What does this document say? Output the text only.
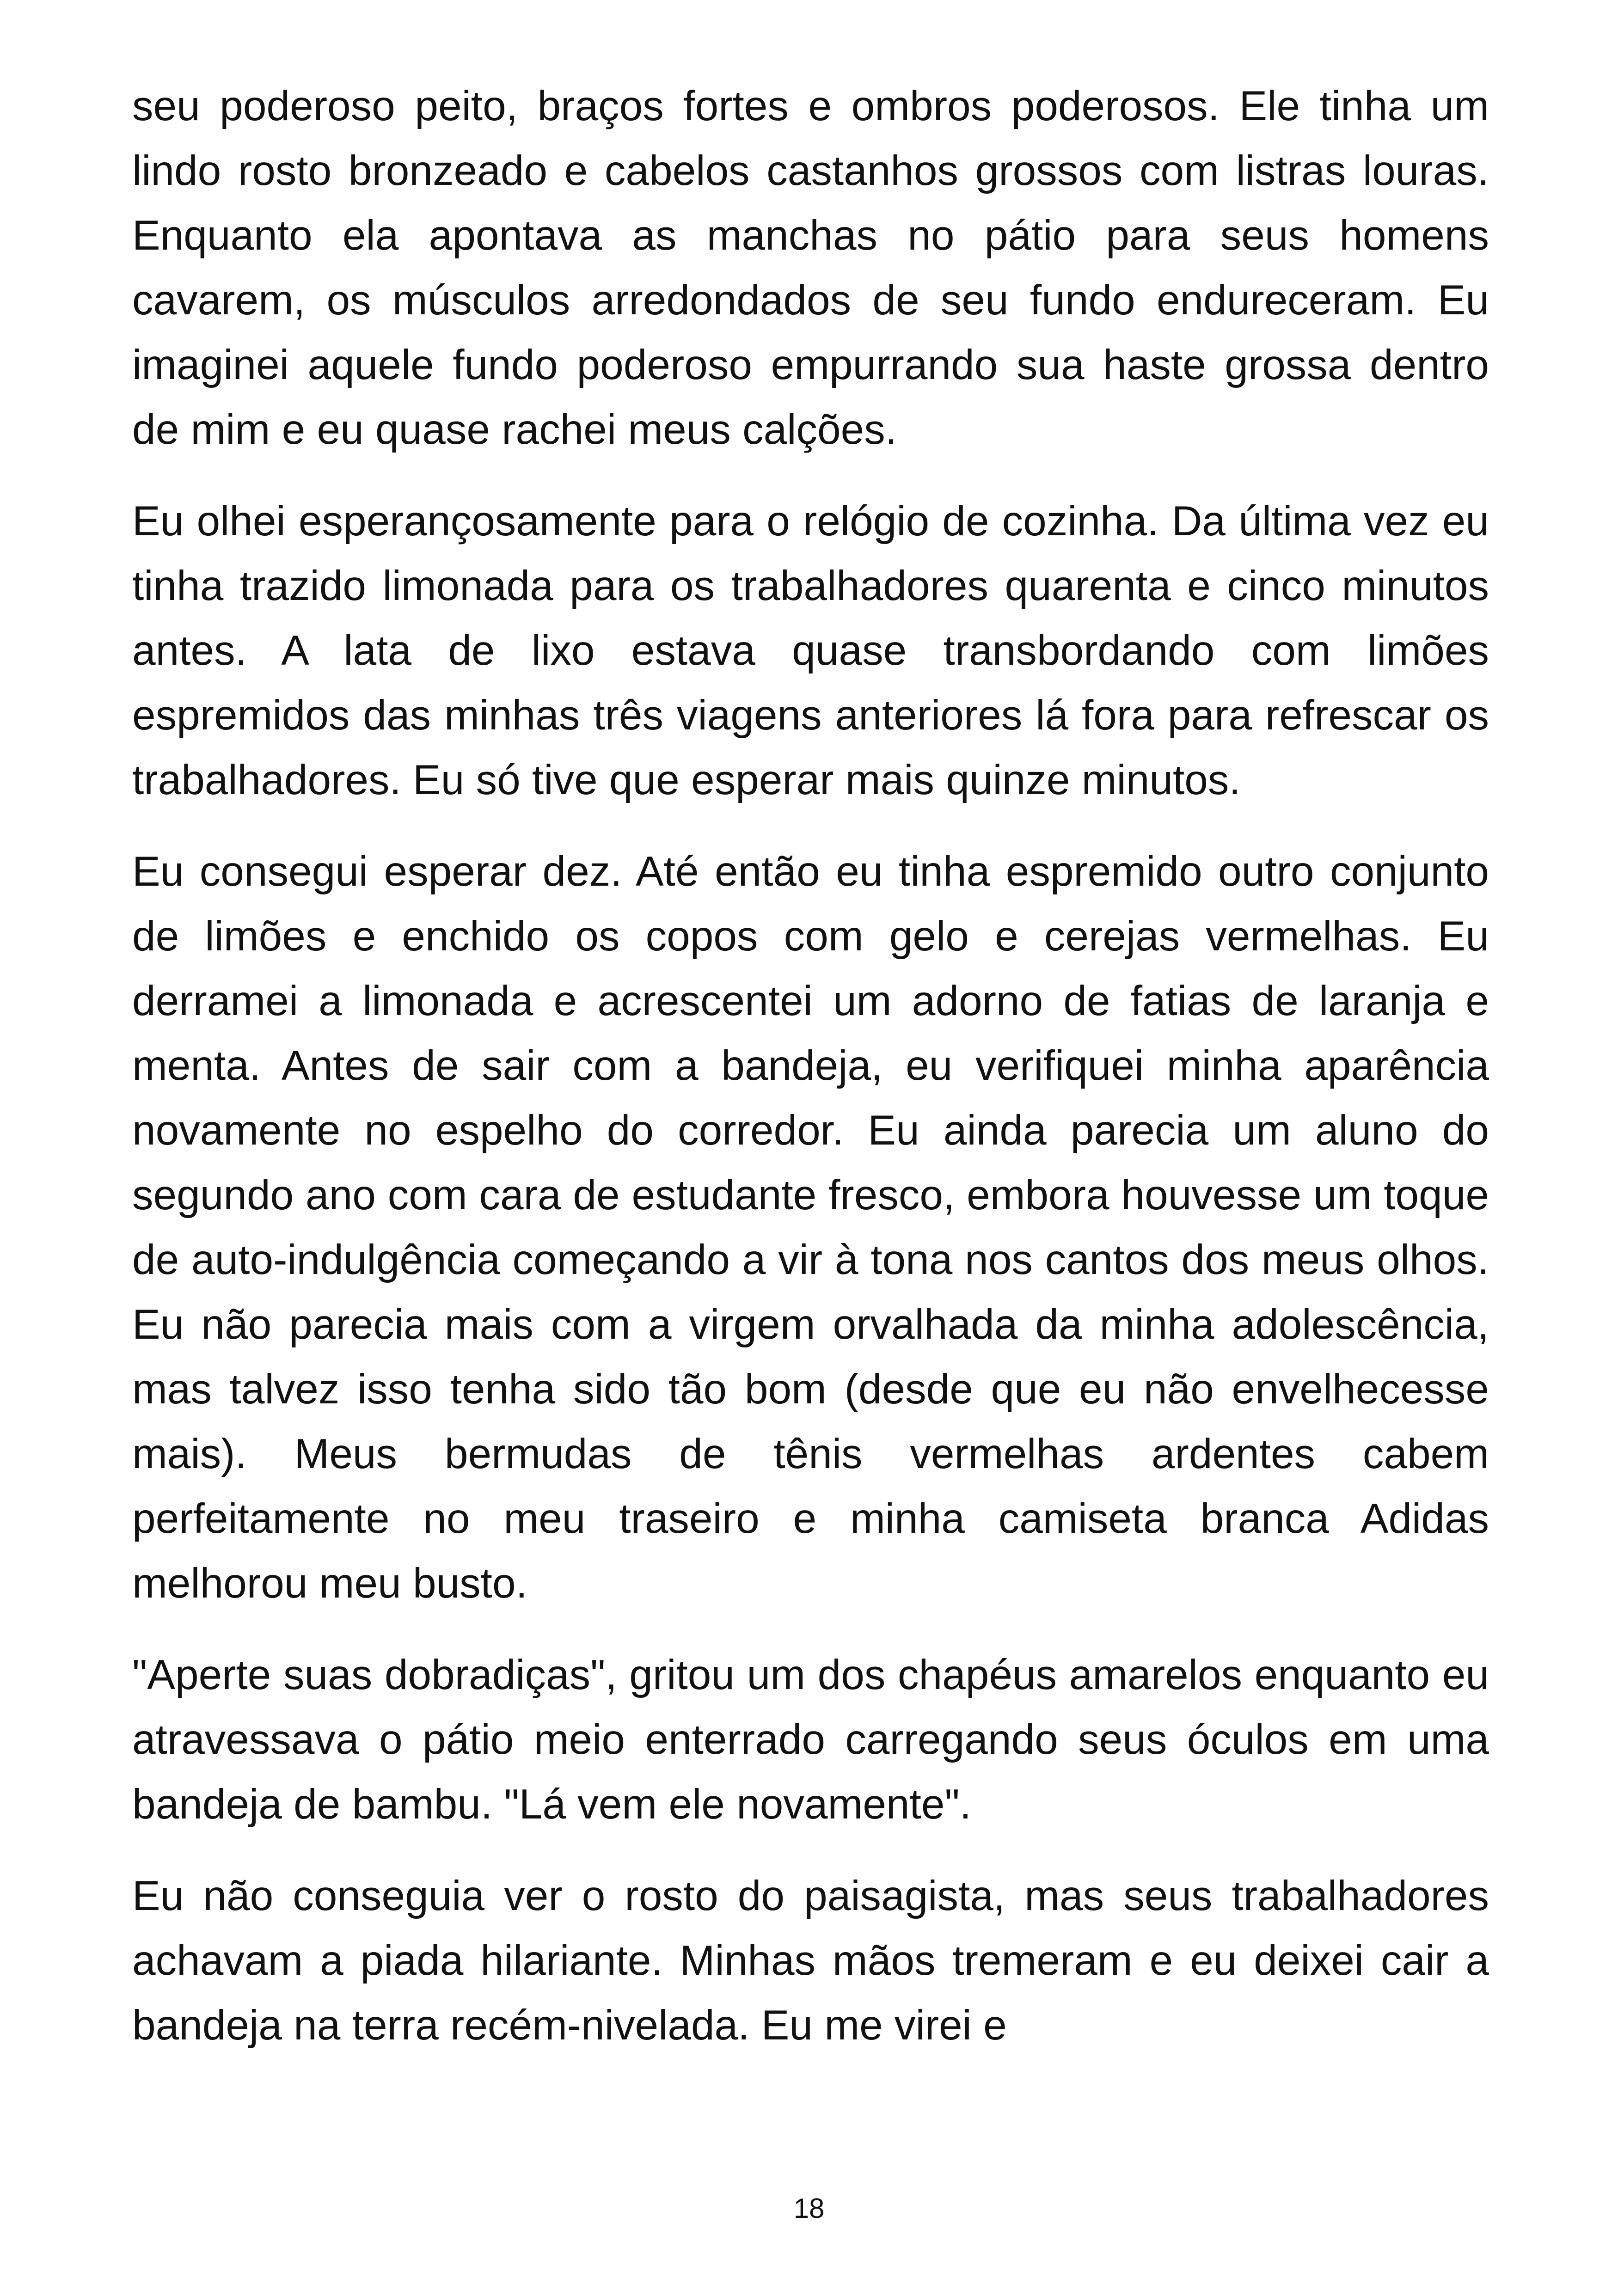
seu poderoso peito, braços fortes e ombros poderosos. Ele tinha um lindo rosto bronzeado e cabelos castanhos grossos com listras louras. Enquanto ela apontava as manchas no pátio para seus homens cavarem, os músculos arredondados de seu fundo endureceram. Eu imaginei aquele fundo poderoso empurrando sua haste grossa dentro de mim e eu quase rachei meus calções.

Eu olhei esperançosamente para o relógio de cozinha. Da última vez eu tinha trazido limonada para os trabalhadores quarenta e cinco minutos antes. A lata de lixo estava quase transbordando com limões espremidos das minhas três viagens anteriores lá fora para refrescar os trabalhadores. Eu só tive que esperar mais quinze minutos.

Eu consegui esperar dez. Até então eu tinha espremido outro conjunto de limões e enchido os copos com gelo e cerejas vermelhas. Eu derramei a limonada e acrescentei um adorno de fatias de laranja e menta. Antes de sair com a bandeja, eu verifiquei minha aparência novamente no espelho do corredor. Eu ainda parecia um aluno do segundo ano com cara de estudante fresco, embora houvesse um toque de auto-indulgência começando a vir à tona nos cantos dos meus olhos. Eu não parecia mais com a virgem orvalhada da minha adolescência, mas talvez isso tenha sido tão bom (desde que eu não envelhecesse mais). Meus bermudas de tênis vermelhas ardentes cabem perfeitamente no meu traseiro e minha camiseta branca Adidas melhorou meu busto.

"Aperte suas dobradiças", gritou um dos chapéus amarelos enquanto eu atravessava o pátio meio enterrado carregando seus óculos em uma bandeja de bambu. "Lá vem ele novamente".

Eu não conseguia ver o rosto do paisagista, mas seus trabalhadores achavam a piada hilariante. Minhas mãos tremeram e eu deixei cair a bandeja na terra recém-nivelada. Eu me virei e

18
